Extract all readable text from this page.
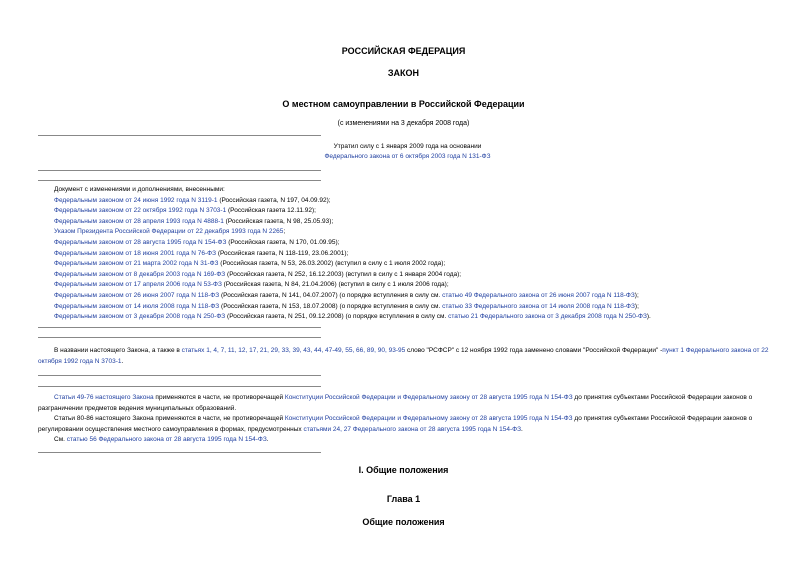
РОССИЙСКАЯ ФЕДЕРАЦИЯ
ЗАКОН
О местном самоуправлении в Российской Федерации
(с изменениями на 3 декабря 2008 года)
Утратил силу с 1 января 2009 года на основании
Федерального закона от 6 октября 2003 года N 131-ФЗ
Документ с изменениями и дополнениями, внесенными:
Федеральным законом от 24 июня 1992 года N 3119-1 (Российская газета, N 197, 04.09.92);
Федеральным законом от 22 октября 1992 года N 3703-1 (Российская газета 12.11.92);
Федеральным законом от 28 апреля 1993 года N 4888-1 (Российская газета, N 98, 25.05.93);
Указом Президента Российской Федерации от 22 декабря 1993 года N 2265;
Федеральным законом от 28 августа 1995 года N 154-ФЗ (Российская газета, N 170, 01.09.95);
Федеральным законом от 18 июня 2001 года N 76-ФЗ (Российская газета, N 118-119, 23.06.2001);
Федеральным законом от 21 марта 2002 года N 31-ФЗ (Российская газета, N 53, 26.03.2002) (вступил в силу с 1 июля 2002 года);
Федеральным законом от 8 декабря 2003 года N 169-ФЗ (Российская газета, N 252, 16.12.2003) (вступил в силу с 1 января 2004 года);
Федеральным законом от 17 апреля 2006 года N 53-ФЗ (Российская газета, N 84, 21.04.2006) (вступил в силу с 1 июля 2006 года);
Федеральным законом от 26 июня 2007 года N 118-ФЗ (Российская газета, N 141, 04.07.2007) (о порядке вступления в силу см. статью 49 Федерального закона от 26 июня 2007 года N 118-ФЗ);
Федеральным законом от 14 июля 2008 года N 118-ФЗ (Российская газета, N 153, 18.07.2008) (о порядке вступления в силу см. статью 33 Федерального закона от 14 июля 2008 года N 118-ФЗ);
Федеральным законом от 3 декабря 2008 года N 250-ФЗ (Российская газета, N 251, 09.12.2008) (о порядке вступления в силу см. статью 21 Федерального закона от 3 декабря 2008 года N 250-ФЗ).
В названии настоящего Закона, а также в статьях 1, 4, 7, 11, 12, 17, 21, 29, 33, 39, 43, 44, 47-49, 55, 66, 89, 90, 93-95 слово "РСФСР" с 12 ноября 1992 года заменено словами "Российской Федерации" -пункт 1 Федерального закона от 22 октября 1992 года N 3703-1.
Статьи 49-76 настоящего Закона применяются в части, не противоречащей Конституции Российской Федерации и Федеральному закону от 28 августа 1995 года N 154-ФЗ до принятия субъектами Российской Федерации законов о разграничении предметов ведения муниципальных образований.
Статьи 80-86 настоящего Закона применяются в части, не противоречащей Конституции Российской Федерации и Федеральному закону от 28 августа 1995 года N 154-ФЗ до принятия субъектами Российской Федерации законов о регулировании осуществления местного самоуправления в формах, предусмотренных статьями 24, 27 Федерального закона от 28 августа 1995 года N 154-ФЗ.
См. статью 56 Федерального закона от 28 августа 1995 года N 154-ФЗ.
I. Общие положения
Глава 1
Общие положения
